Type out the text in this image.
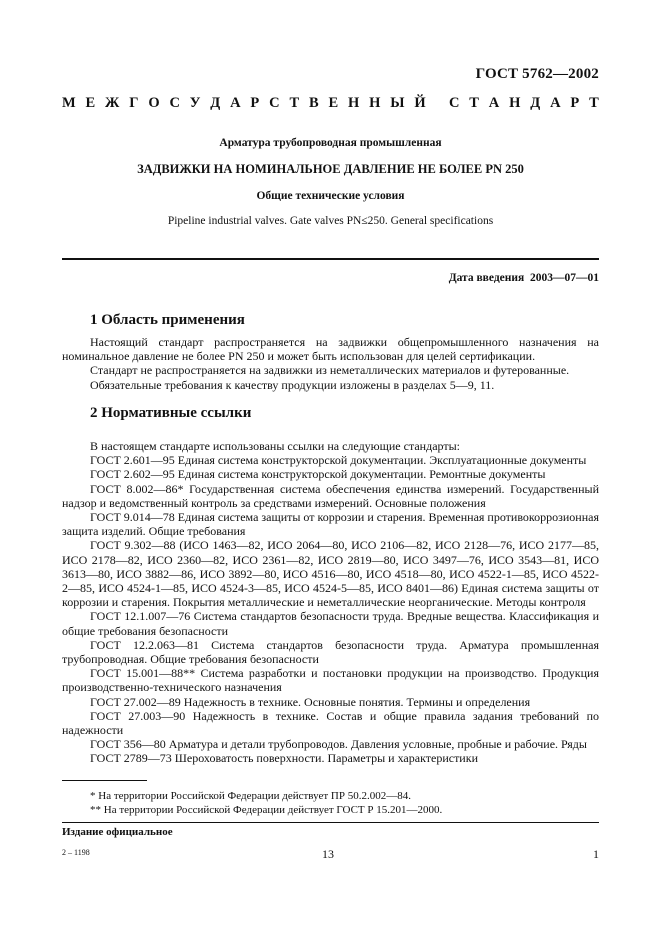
ГОСТ 5762—2002
М Е Ж Г О С У Д А Р С Т В Е Н Н Ы Й
С Т А Н Д А Р Т
Арматура трубопроводная промышленная
ЗАДВИЖКИ НА НОМИНАЛЬНОЕ ДАВЛЕНИЕ НЕ БОЛЕЕ PN 250
Общие технические условия
Pipeline industrial valves. Gate valves PN≤250. General specifications
Дата введения 2003—07—01
1 Область применения

Настоящий стандарт распространяется на задвижки общепромышленного назначения на номинальное давление не более PN 250 и может быть использован для целей сертификации.

Стандарт не распространяется на задвижки из неметаллических материалов и футерованные.

Обязательные требования к качеству продукции изложены в разделах 5—9, 11.

2 Нормативные ссылки

В настоящем стандарте использованы ссылки на следующие стандарты:

ГОСТ 2.601—95 Единая система конструкторской документации. Эксплуатационные документы

ГОСТ 2.602—95 Единая система конструкторской документации. Ремонтные документы

ГОСТ 8.002—86* Государственная система обеспечения единства измерений. Государственный надзор и ведомственный контроль за средствами измерений. Основные положения

ГОСТ 9.014—78 Единая система защиты от коррозии и старения. Временная противокоррозионная защита изделий. Общие требования

ГОСТ 9.302—88 (ИСО 1463—82, ИСО 2064—80, ИСО 2106—82, ИСО 2128—76, ИСО 2177—85, ИСО 2178—82, ИСО 2360—82, ИСО 2361—82, ИСО 2819—80, ИСО 3497—76, ИСО 3543—81, ИСО 3613—80, ИСО 3882—86, ИСО 3892—80, ИСО 4516—80, ИСО 4518—80, ИСО 4522-1—85, ИСО 4522-2—85, ИСО 4524-1—85, ИСО 4524-3—85, ИСО 4524-5—85, ИСО 8401—86) Единая система защиты от коррозии и старения. Покрытия металлические и неметаллические неорганические. Методы контроля

ГОСТ 12.1.007—76 Система стандартов безопасности труда. Вредные вещества. Классификация и общие требования безопасности

ГОСТ 12.2.063—81 Система стандартов безопасности труда. Арматура промышленная трубопроводная. Общие требования безопасности

ГОСТ 15.001—88** Система разработки и постановки продукции на производство. Продукция производственно-технического назначения

ГОСТ 27.002—89 Надежность в технике. Основные понятия. Термины и определения

ГОСТ 27.003—90 Надежность в технике. Состав и общие правила задания требований по надежности

ГОСТ 356—80 Арматура и детали трубопроводов. Давления условные, пробные и рабочие. Ряды

ГОСТ 2789—73 Шероховатость поверхности. Параметры и характеристики

* На территории Российской Федерации действует ПР 50.2.002—84.
** На территории Российской Федерации действует ГОСТ Р 15.201—2000.
Издание официальное
2 – 1198	13	1
